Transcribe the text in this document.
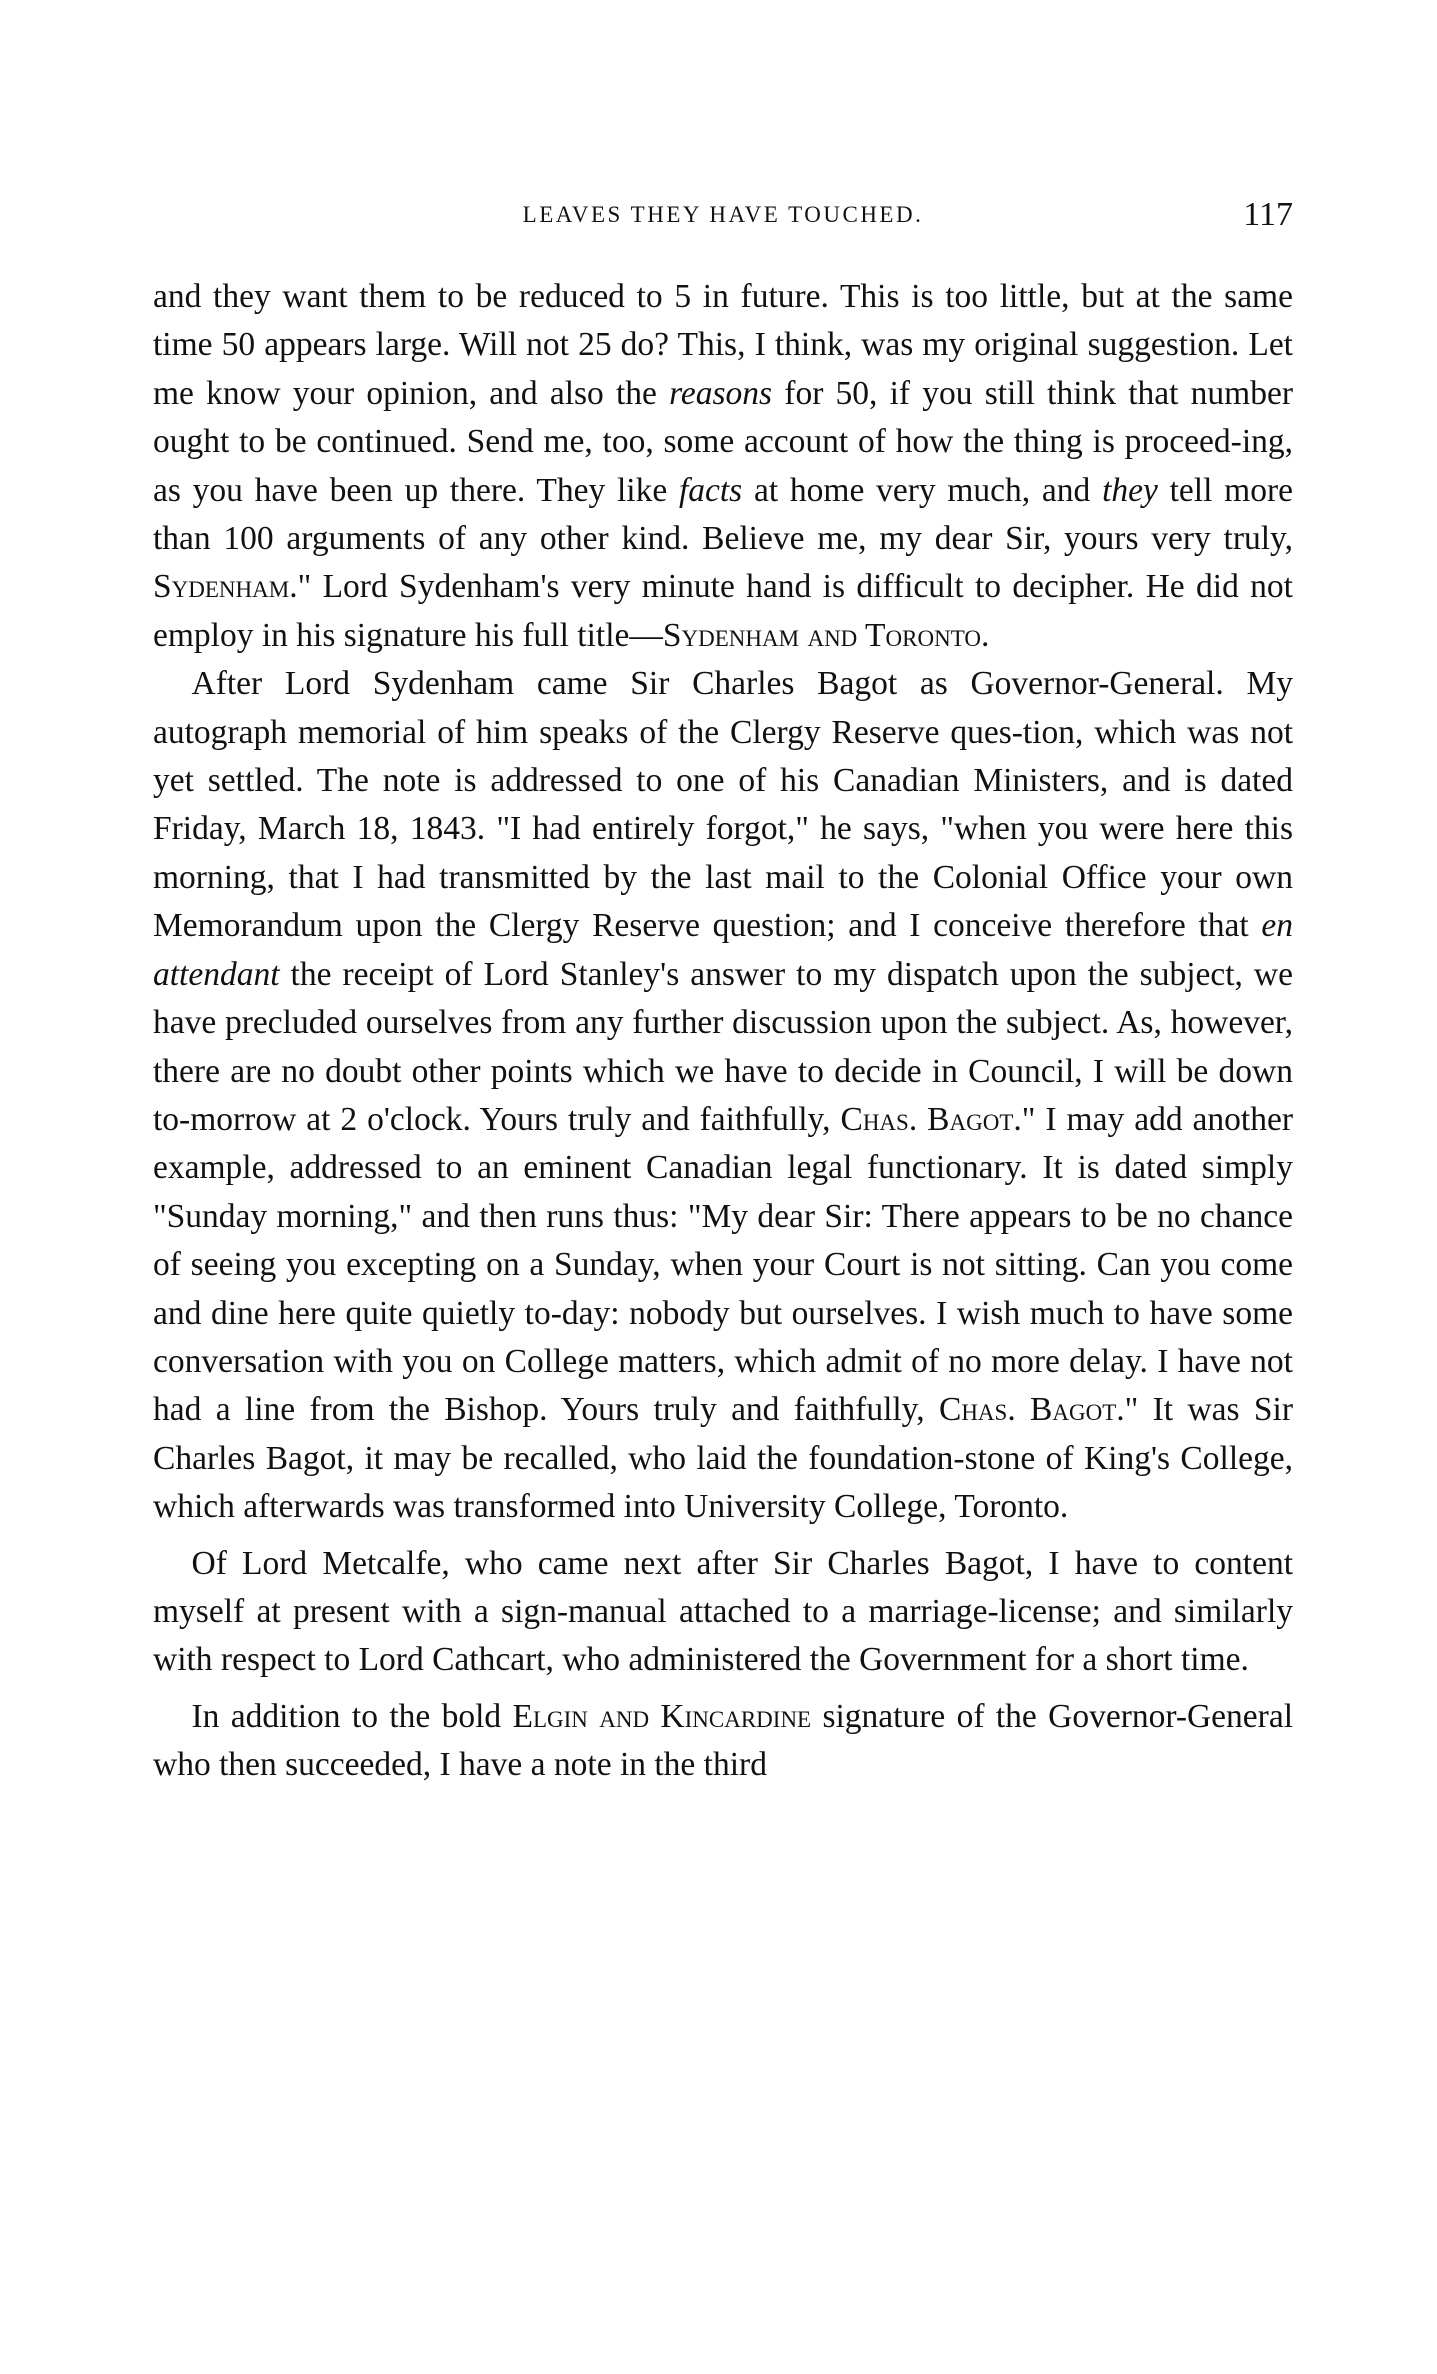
LEAVES THEY HAVE TOUCHED.	117

and they want them to be reduced to 5 in future. This is too little, but at the same time 50 appears large. Will not 25 do? This, I think, was my original suggestion. Let me know your opinion, and also the reasons for 50, if you still think that number ought to be continued. Send me, too, some account of how the thing is proceed-ing, as you have been up there. They like facts at home very much, and they tell more than 100 arguments of any other kind. Believe me, my dear Sir, yours very truly, Sydenham." Lord Sydenham's very minute hand is difficult to decipher. He did not employ in his signature his full title—Sydenham and Toronto.

After Lord Sydenham came Sir Charles Bagot as Governor-General. My autograph memorial of him speaks of the Clergy Reserve ques-tion, which was not yet settled. The note is addressed to one of his Canadian Ministers, and is dated Friday, March 18, 1843. "I had entirely forgot," he says, "when you were here this morning, that I had transmitted by the last mail to the Colonial Office your own Memorandum upon the Clergy Reserve question; and I conceive therefore that en attendant the receipt of Lord Stanley's answer to my dispatch upon the subject, we have precluded ourselves from any further discussion upon the subject. As, however, there are no doubt other points which we have to decide in Council, I will be down to-morrow at 2 o'clock. Yours truly and faithfully, Chas. Bagot." I may add another example, addressed to an eminent Canadian legal functionary. It is dated simply "Sunday morning," and then runs thus: "My dear Sir: There appears to be no chance of seeing you excepting on a Sunday, when your Court is not sitting. Can you come and dine here quite quietly to-day: nobody but ourselves. I wish much to have some conversation with you on College matters, which admit of no more delay. I have not had a line from the Bishop. Yours truly and faithfully, Chas. Bagot." It was Sir Charles Bagot, it may be recalled, who laid the foundation-stone of King's College, which afterwards was transformed into University College, Toronto.

Of Lord Metcalfe, who came next after Sir Charles Bagot, I have to content myself at present with a sign-manual attached to a marriage-license; and similarly with respect to Lord Cathcart, who administered the Government for a short time.

In addition to the bold Elgin and Kincardine signature of the Governor-General who then succeeded, I have a note in the third
